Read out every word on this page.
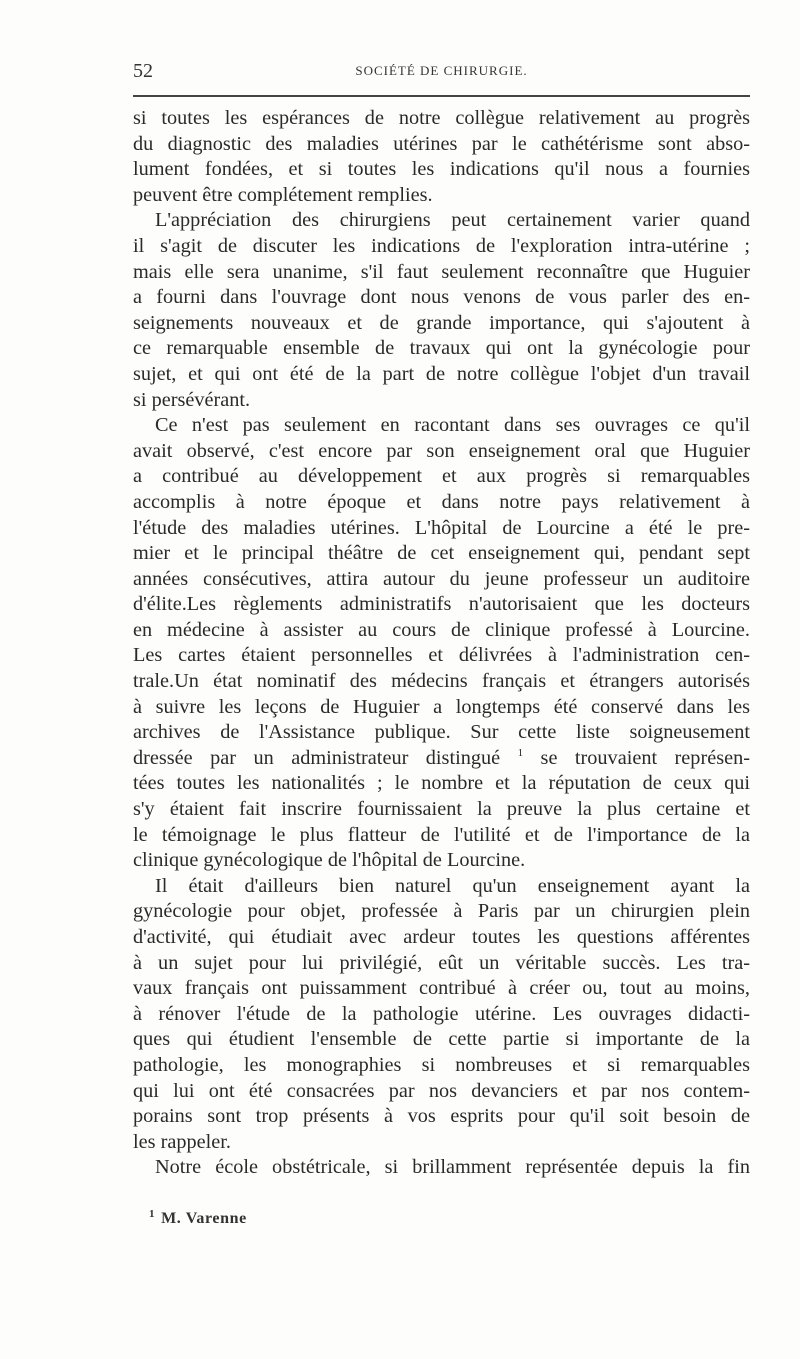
52	SOCIÉTÉ DE CHIRURGIE.
si toutes les espérances de notre collègue relativement au progrès
du diagnostic des maladies utérines par le cathétérisme sont abso-
lument fondées, et si toutes les indications qu'il nous a fournies
peuvent être complétement remplies.
L'appréciation des chirurgiens peut certainement varier quand
il s'agit de discuter les indications de l'exploration intra-utérine ;
mais elle sera unanime, s'il faut seulement reconnaître que Huguier
a fourni dans l'ouvrage dont nous venons de vous parler des en-
seignements nouveaux et de grande importance, qui s'ajoutent à
ce remarquable ensemble de travaux qui ont la gynécologie pour
sujet, et qui ont été de la part de notre collègue l'objet d'un travail
si persévérant.
Ce n'est pas seulement en racontant dans ses ouvrages ce qu'il
avait observé, c'est encore par son enseignement oral que Huguier
a contribué au développement et aux progrès si remarquables
accomplis à notre époque et dans notre pays relativement à
l'étude des maladies utérines. L'hôpital de Lourcine a été le pre-
mier et le principal théâtre de cet enseignement qui, pendant sept
années consécutives, attira autour du jeune professeur un auditoire
d'élite.Les règlements administratifs n'autorisaient que les docteurs
en médecine à assister au cours de clinique professé à Lourcine.
Les cartes étaient personnelles et délivrées à l'administration cen-
trale.Un état nominatif des médecins français et étrangers autorisés
à suivre les leçons de Huguier a longtemps été conservé dans les
archives de l'Assistance publique. Sur cette liste soigneusement
dressée par un administrateur distingué $^1$ se trouvaient représen-
tées toutes les nationalités ; le nombre et la réputation de ceux qui
s'y étaient fait inscrire fournissaient la preuve la plus certaine et
le témoignage le plus flatteur de l'utilité et de l'importance de la
clinique gynécologique de l'hôpital de Lourcine.
Il était d'ailleurs bien naturel qu'un enseignement ayant la
gynécologie pour objet, professée à Paris par un chirurgien plein
d'activité, qui étudiait avec ardeur toutes les questions afférentes
à un sujet pour lui privilégié, eût un véritable succès. Les tra-
vaux français ont puissamment contribué à créer ou, tout au moins,
à rénover l'étude de la pathologie utérine. Les ouvrages didacti-
ques qui étudient l'ensemble de cette partie si importante de la
pathologie, les monographies si nombreuses et si remarquables
qui lui ont été consacrées par nos devanciers et par nos contem-
porains sont trop présents à vos esprits pour qu'il soit besoin de
les rappeler.
Notre école obstétricale, si brillamment représentée depuis la fin
$^1$ M. Varenne
